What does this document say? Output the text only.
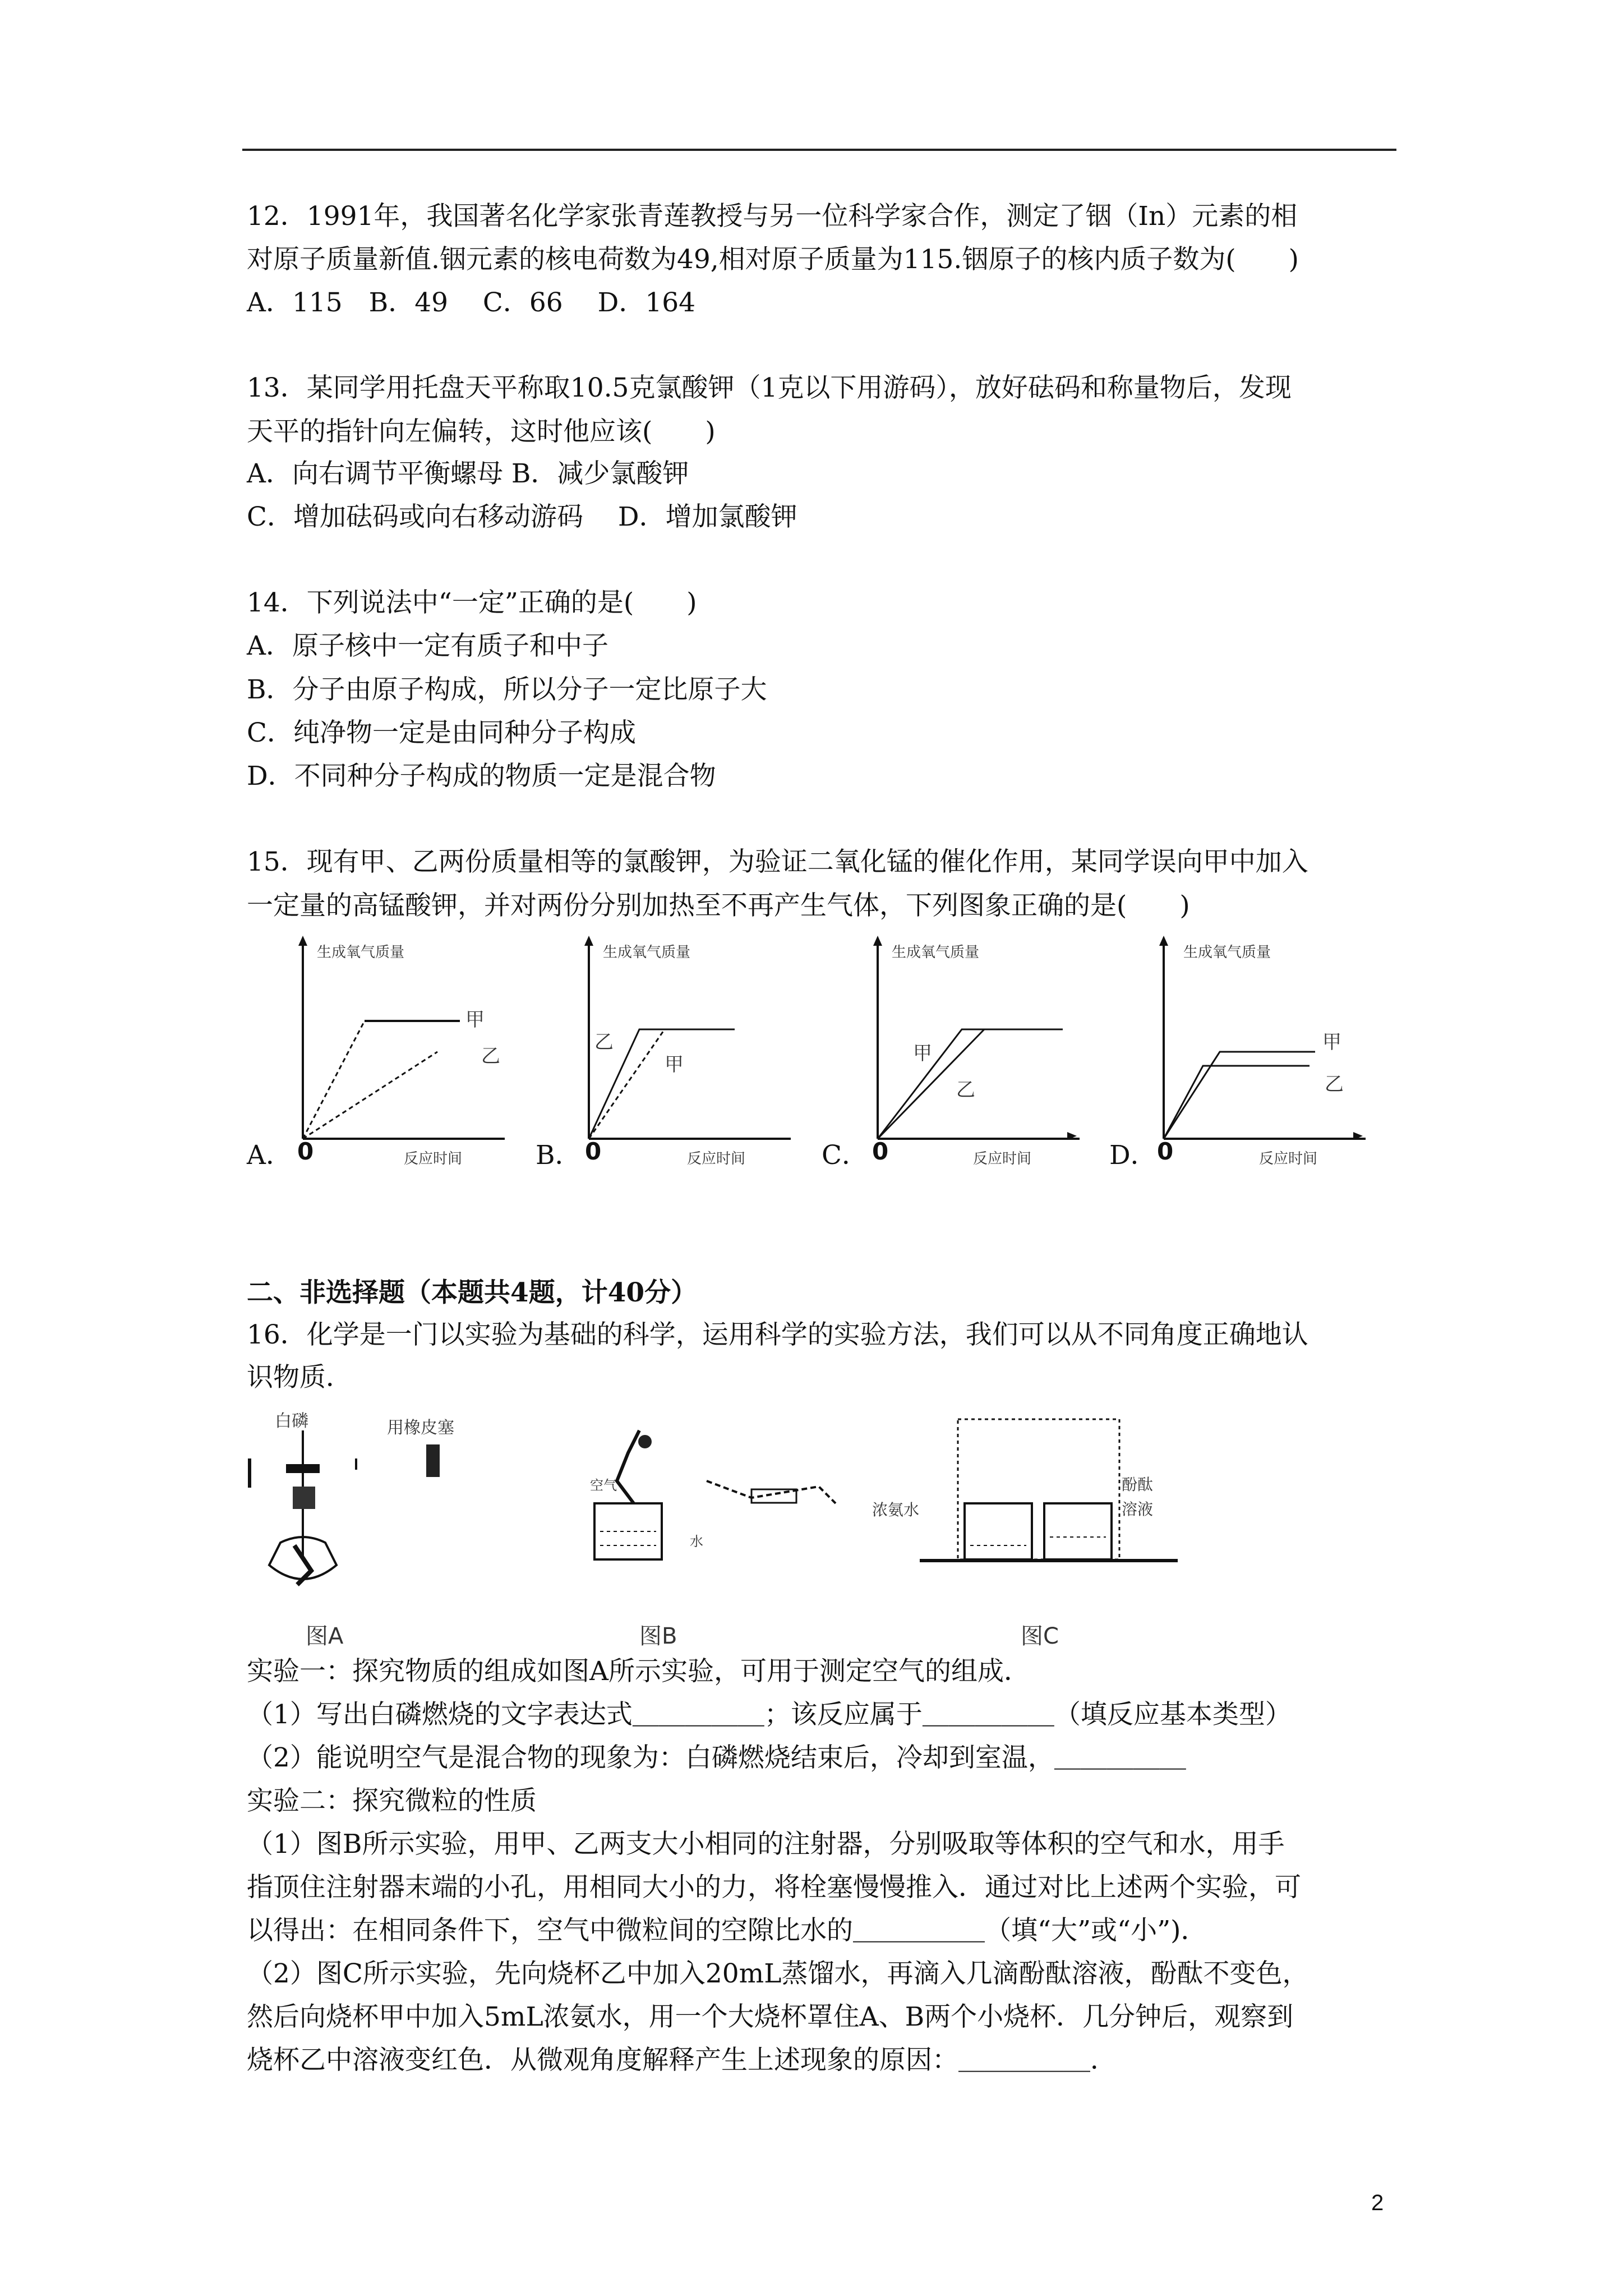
12．1991年，我国著名化学家张青莲教授与另一位科学家合作，测定了铟（In）元素的相
对原子质量新值.铟元素的核电荷数为49,相对原子质量为115.铟原子的核内质子数为(　　)
A．115　B．49　 C．66　 D．164
13．某同学用托盘天平称取10.5克氯酸钾（1克以下用游码），放好砝码和称量物后，发现
天平的指针向左偏转，这时他应该(　　)
A．向右调节平衡螺母 B．减少氯酸钾
C．增加砝码或向右移动游码　 D．增加氯酸钾
14．下列说法中“一定”正确的是(　　)
A．原子核中一定有质子和中子
B．分子由原子构成，所以分子一定比原子大
C．纯净物一定是由同种分子构成
D．不同种分子构成的物质一定是混合物
15．现有甲、乙两份质量相等的氯酸钾，为验证二氧化锰的催化作用，某同学误向甲中加入
一定量的高锰酸钾，并对两份分别加热至不再产生气体，下列图象正确的是(　　)
A． 0	反应时间
生成氧气质量
甲
乙
B． 0	反应时间
生成氧气质量
乙
甲
C． 0	反应时间
生成氧气质量
甲
乙
D． 0	反应时间
生成氧气质量
甲
乙
二、非选择题（本题共4题，计40分）
16．化学是一门以实验为基础的科学，运用科学的实验方法，我们可以从不同角度正确地认
识物质．
白磷	用橡皮塞
图A
空气
水
图B
浓氨水
酚酞溶液
图C
实验一：探究物质的组成如图A所示实验，可用于测定空气的组成．
（1）写出白磷燃烧的文字表达式＿＿＿＿＿；该反应属于＿＿＿＿＿（填反应基本类型）
（2）能说明空气是混合物的现象为：白磷燃烧结束后，冷却到室温，＿＿＿＿＿
实验二：探究微粒的性质
（1）图B所示实验，用甲、乙两支大小相同的注射器，分别吸取等体积的空气和水，用手
指顶住注射器末端的小孔，用相同大小的力，将栓塞慢慢推入．通过对比上述两个实验，可
以得出：在相同条件下，空气中微粒间的空隙比水的＿＿＿＿＿（填“大”或“小”)．
（2）图C所示实验，先向烧杯乙中加入20mL蒸馏水，再滴入几滴酚酞溶液，酚酞不变色，
然后向烧杯甲中加入5mL浓氨水，用一个大烧杯罩住A、B两个小烧杯．几分钟后，观察到
烧杯乙中溶液变红色．从微观角度解释产生上述现象的原因：＿＿＿＿＿．
2
